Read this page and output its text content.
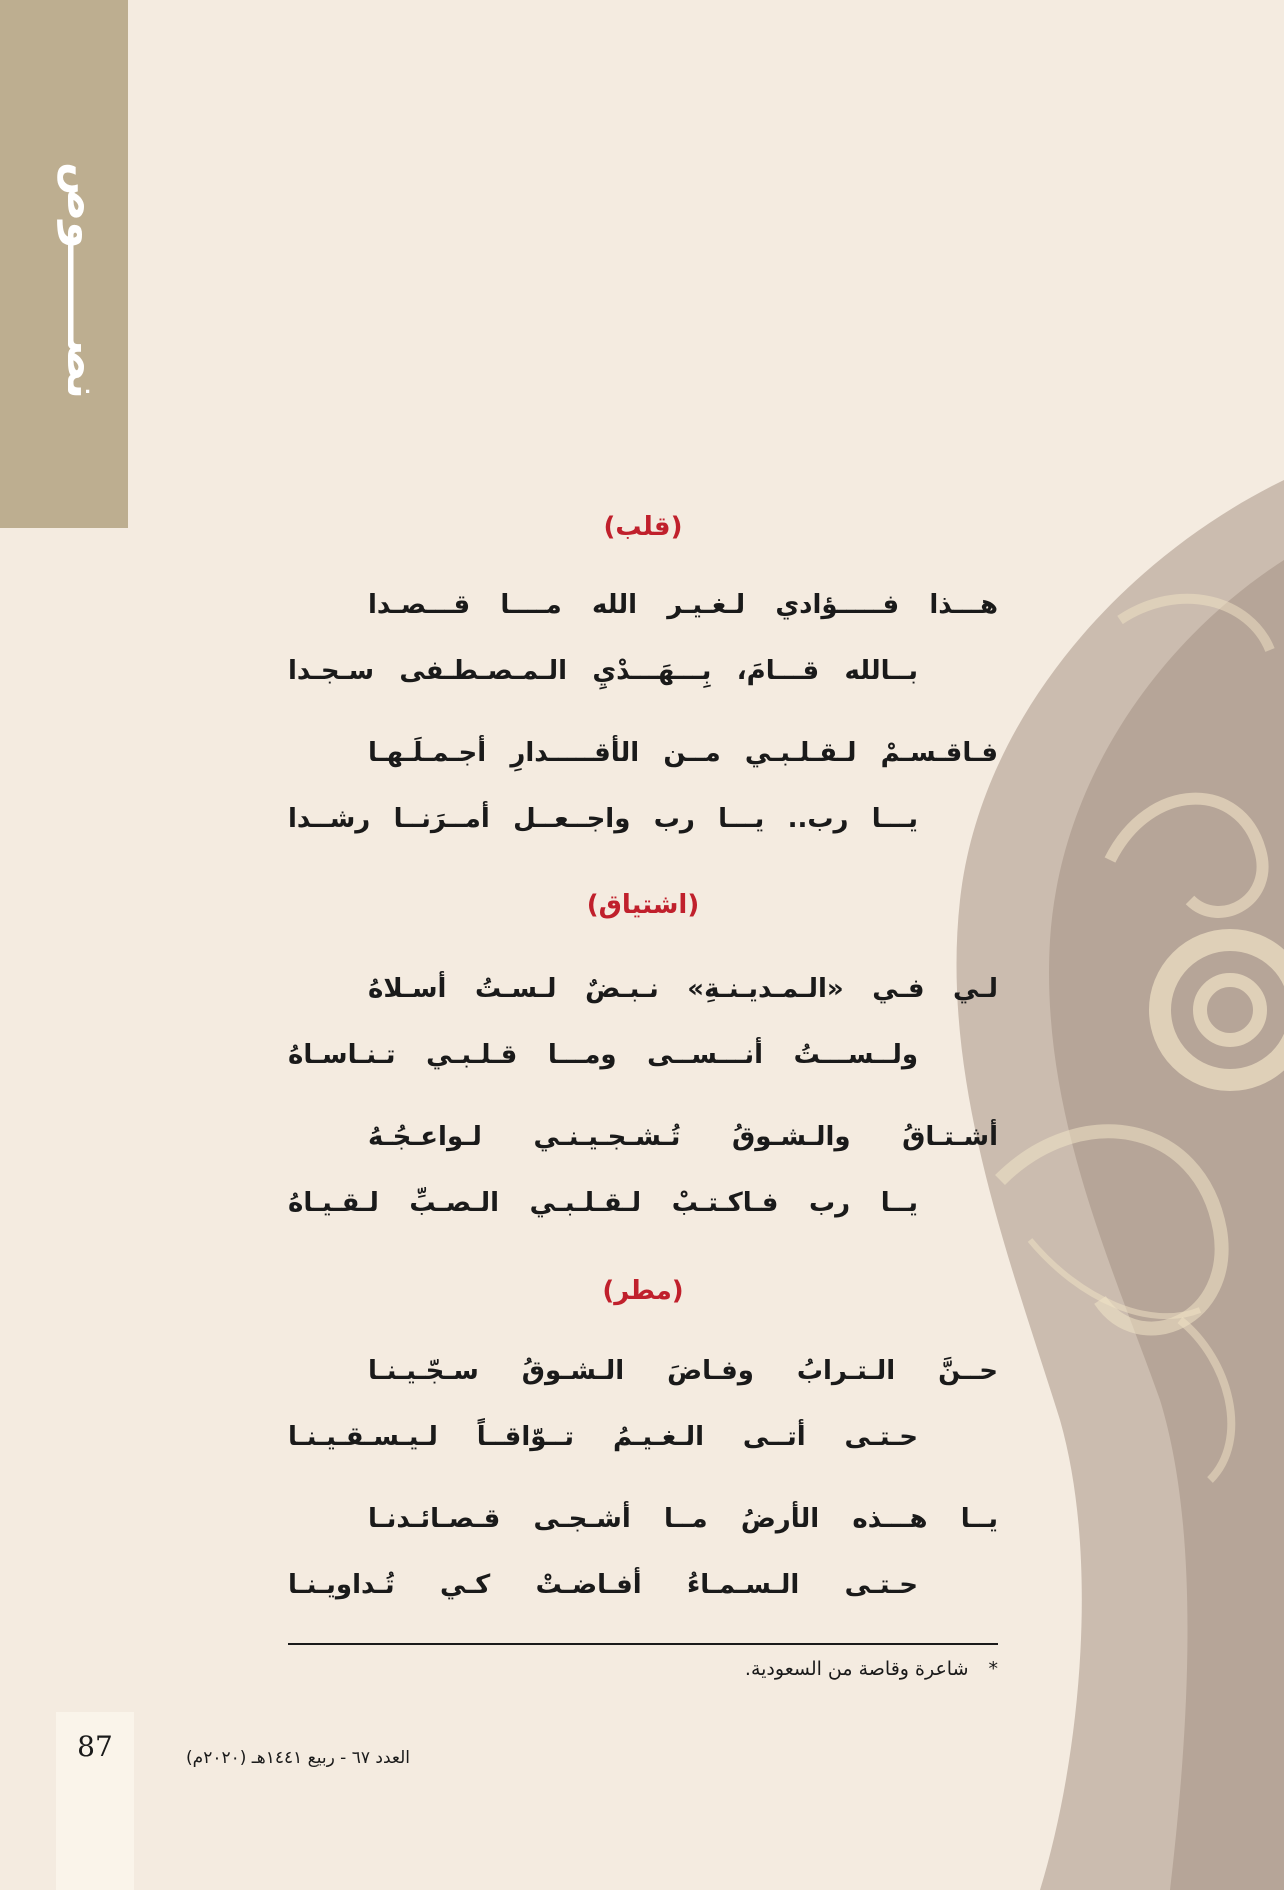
نصــــــوص
(قلب)
هـــذا فـــــؤادي لـغـيـر الله مــــا قـــصـدا
بــالله قـــامَ، بِـــهَـــدْيِ الـمـصـطـفى سـجـدا
فـاقـسـمْ لـقـلـبـي مــن الأقـــــدارِ أجـمـلَـهـا
يـــا رب.. يـــا رب واجــعــل أمــرَنــا رشــدا
(اشتياق)
لـي فـي «الـمـديـنـةِ» نـبـضٌ لـسـتُ أسـلاهُ
ولــســـتُ أنـــســى ومـــا قـلـبـي تـنـاسـاهُ
أشـتـاقُ والـشـوقُ تُـشـجـيـنـي لـواعـجُـهُ
يــا رب فـاكـتـبْ لـقـلـبـي الـصـبِّ لـقـيـاهُ
(مطر)
حــنَّ الـتـرابُ وفـاضَ الـشـوقُ سـجّـيـنـا
حـتـى أتــى الـغـيـمُ تــوّاقــاً لـيـسـقـيـنـا
يــا هـــذه الأرضُ مــا أشـجـى قـصـائـدنـا
حـتـى الـسـمـاءُ أفـاضـتْ كـي تُـداويـنـا
*شاعرة وقاصة من السعودية.
87	العدد ٦٧ - ربيع ١٤٤١هـ (٢٠٢٠م)
